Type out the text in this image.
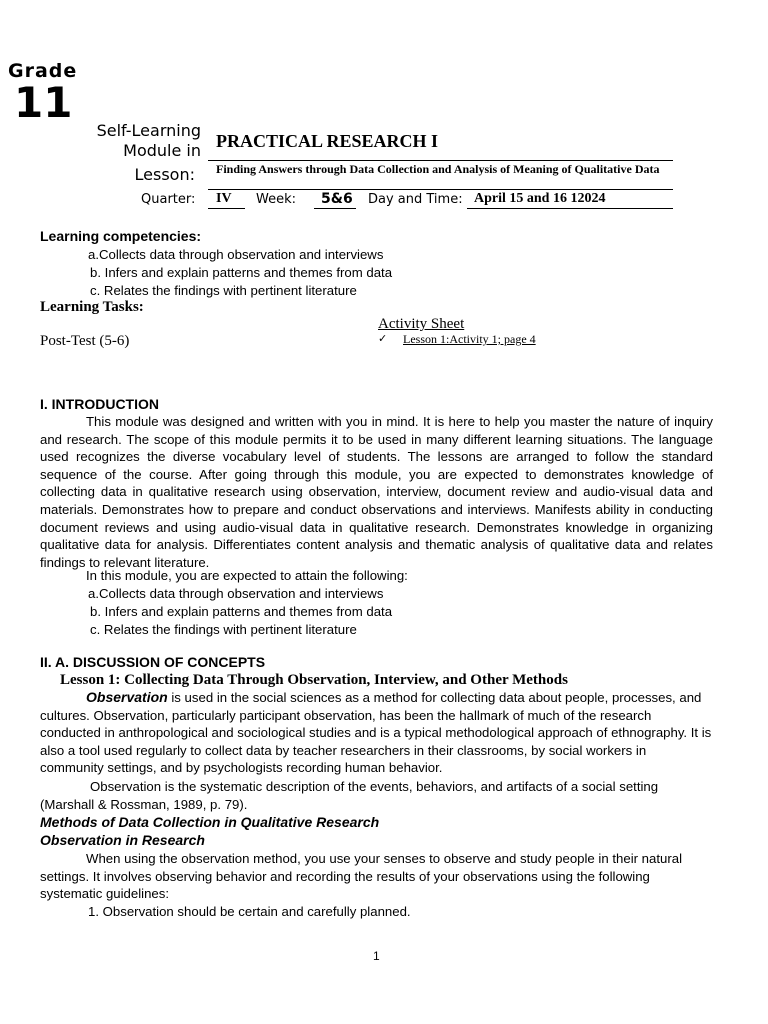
Grade
11
Self-Learning
Module in
Lesson:
PRACTICAL RESEARCH I
Finding Answers through Data Collection and Analysis of Meaning of Qualitative Data
Quarter: IV Week: 5&6 Day and Time: April 15 and 16 12024
Learning competencies:
a.Collects data through observation and interviews
b. Infers and explain patterns and themes from data
c. Relates the findings with pertinent literature
Learning Tasks:
Activity Sheet
Post-Test (5-6)	✓ Lesson 1:Activity 1; page 4
I. INTRODUCTION
This module was designed and written with you in mind. It is here to help you master the nature of inquiry and research. The scope of this module permits it to be used in many different learning situations. The language used recognizes the diverse vocabulary level of students. The lessons are arranged to follow the standard sequence of the course. After going through this module, you are expected to demonstrates knowledge of collecting data in qualitative research using observation, interview, document review and audio-visual data and materials. Demonstrates how to prepare and conduct observations and interviews. Manifests ability in conducting document reviews and using audio-visual data in qualitative research. Demonstrates knowledge in organizing qualitative data for analysis. Differentiates content analysis and thematic analysis of qualitative data and relates findings to relevant literature.
In this module, you are expected to attain the following:
a.Collects data through observation and interviews
b. Infers and explain patterns and themes from data
c. Relates the findings with pertinent literature
II. A. DISCUSSION OF CONCEPTS
Lesson 1: Collecting Data Through Observation, Interview, and Other Methods
Observation is used in the social sciences as a method for collecting data about people, processes, and cultures. Observation, particularly participant observation, has been the hallmark of much of the research conducted in anthropological and sociological studies and is a typical methodological approach of ethnography. It is also a tool used regularly to collect data by teacher researchers in their classrooms, by social workers in community settings, and by psychologists recording human behavior.
Observation is the systematic description of the events, behaviors, and artifacts of a social setting (Marshall & Rossman, 1989, p. 79).
Methods of Data Collection in Qualitative Research
Observation in Research
When using the observation method, you use your senses to observe and study people in their natural settings. It involves observing behavior and recording the results of your observations using the following systematic guidelines:
1. Observation should be certain and carefully planned.
1
